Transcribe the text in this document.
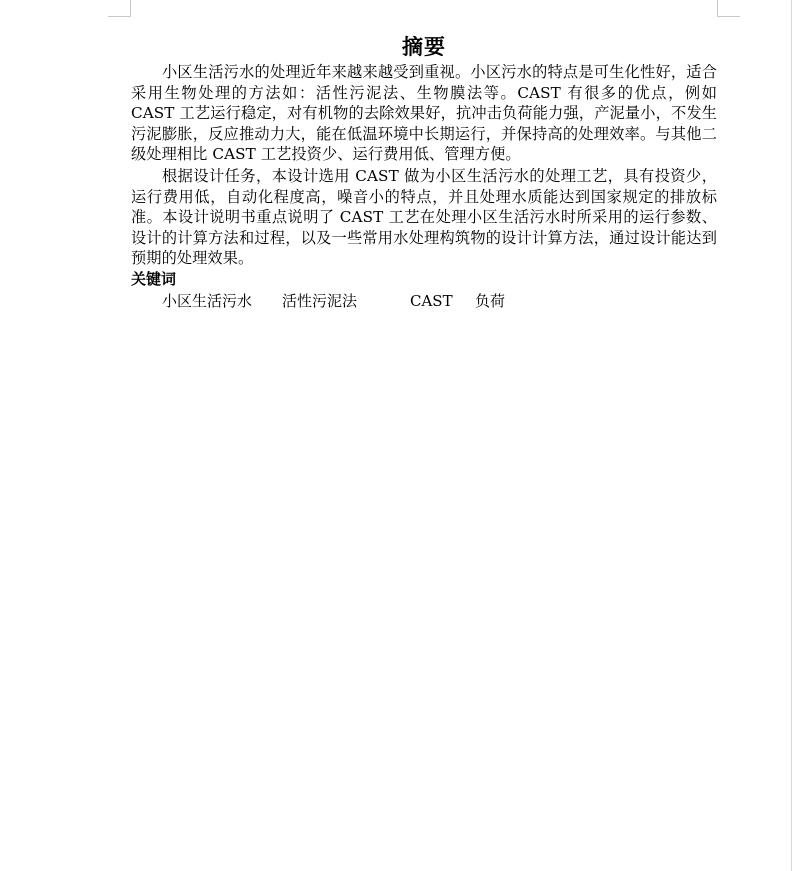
摘要

小区生活污水的处理近年来越来越受到重视。小区污水的特点是可生化性好，适合采用生物处理的方法如：活性污泥法、生物膜法等。CAST 有很多的优点，例如 CAST 工艺运行稳定，对有机物的去除效果好，抗冲击负荷能力强，产泥量小，不发生污泥膨胀，反应推动力大，能在低温环境中长期运行，并保持高的处理效率。与其他二级处理相比 CAST 工艺投资少、运行费用低、管理方便。

根据设计任务，本设计选用 CAST 做为小区生活污水的处理工艺，具有投资少，运行费用低，自动化程度高，噪音小的特点，并且处理水质能达到国家规定的排放标准。本设计说明书重点说明了 CAST 工艺在处理小区生活污水时所采用的运行参数、设计的计算方法和过程，以及一些常用水处理构筑物的设计计算方法，通过设计能达到预期的处理效果。

关键词
小区生活污水	活性污泥法	CAST	负荷
